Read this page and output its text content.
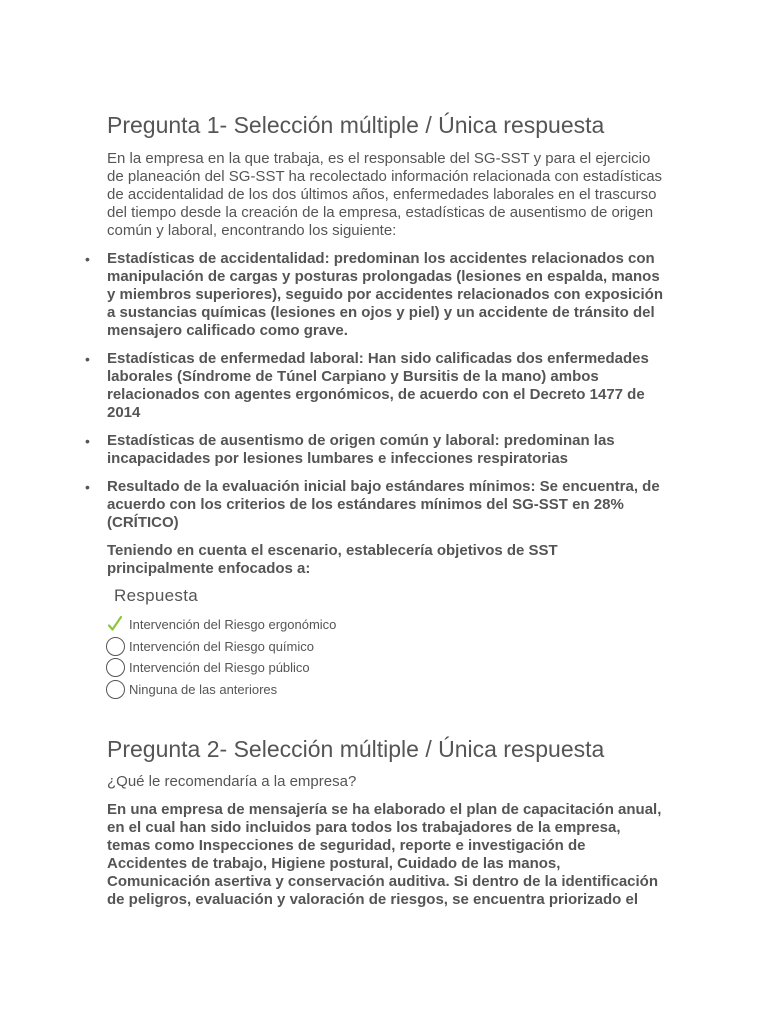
Pregunta 1- Selección múltiple / Única respuesta

En la empresa en la que trabaja, es el responsable del SG-SST y para el ejercicio de planeación del SG-SST ha recolectado información relacionada con estadísticas de accidentalidad de los dos últimos años, enfermedades laborales en el trascurso del tiempo desde la creación de la empresa, estadísticas de ausentismo de origen común y laboral, encontrando los siguiente:

• Estadísticas de accidentalidad: predominan los accidentes relacionados con manipulación de cargas y posturas prolongadas (lesiones en espalda, manos y miembros superiores), seguido por accidentes relacionados con exposición a sustancias químicas (lesiones en ojos y piel) y un accidente de tránsito del mensajero calificado como grave.
• Estadísticas de enfermedad laboral: Han sido calificadas dos enfermedades laborales (Síndrome de Túnel Carpiano y Bursitis de la mano) ambos relacionados con agentes ergonómicos, de acuerdo con el Decreto 1477 de 2014
• Estadísticas de ausentismo de origen común y laboral: predominan las incapacidades por lesiones lumbares e infecciones respiratorias
• Resultado de la evaluación inicial bajo estándares mínimos: Se encuentra, de acuerdo con los criterios de los estándares mínimos del SG-SST en 28% (CRÍTICO)

Teniendo en cuenta el escenario, establecería objetivos de SST principalmente enfocados a:

Respuesta
Intervención del Riesgo ergonómico
Intervención del Riesgo químico
Intervención del Riesgo público
Ninguna de las anteriores
Pregunta 2- Selección múltiple / Única respuesta

¿Qué le recomendaría a la empresa?

En una empresa de mensajería se ha elaborado el plan de capacitación anual, en el cual han sido incluidos para todos los trabajadores de la empresa, temas como Inspecciones de seguridad, reporte e investigación de Accidentes de trabajo, Higiene postural, Cuidado de las manos, Comunicación asertiva y conservación auditiva. Si dentro de la identificación de peligros, evaluación y valoración de riesgos, se encuentra priorizado el
